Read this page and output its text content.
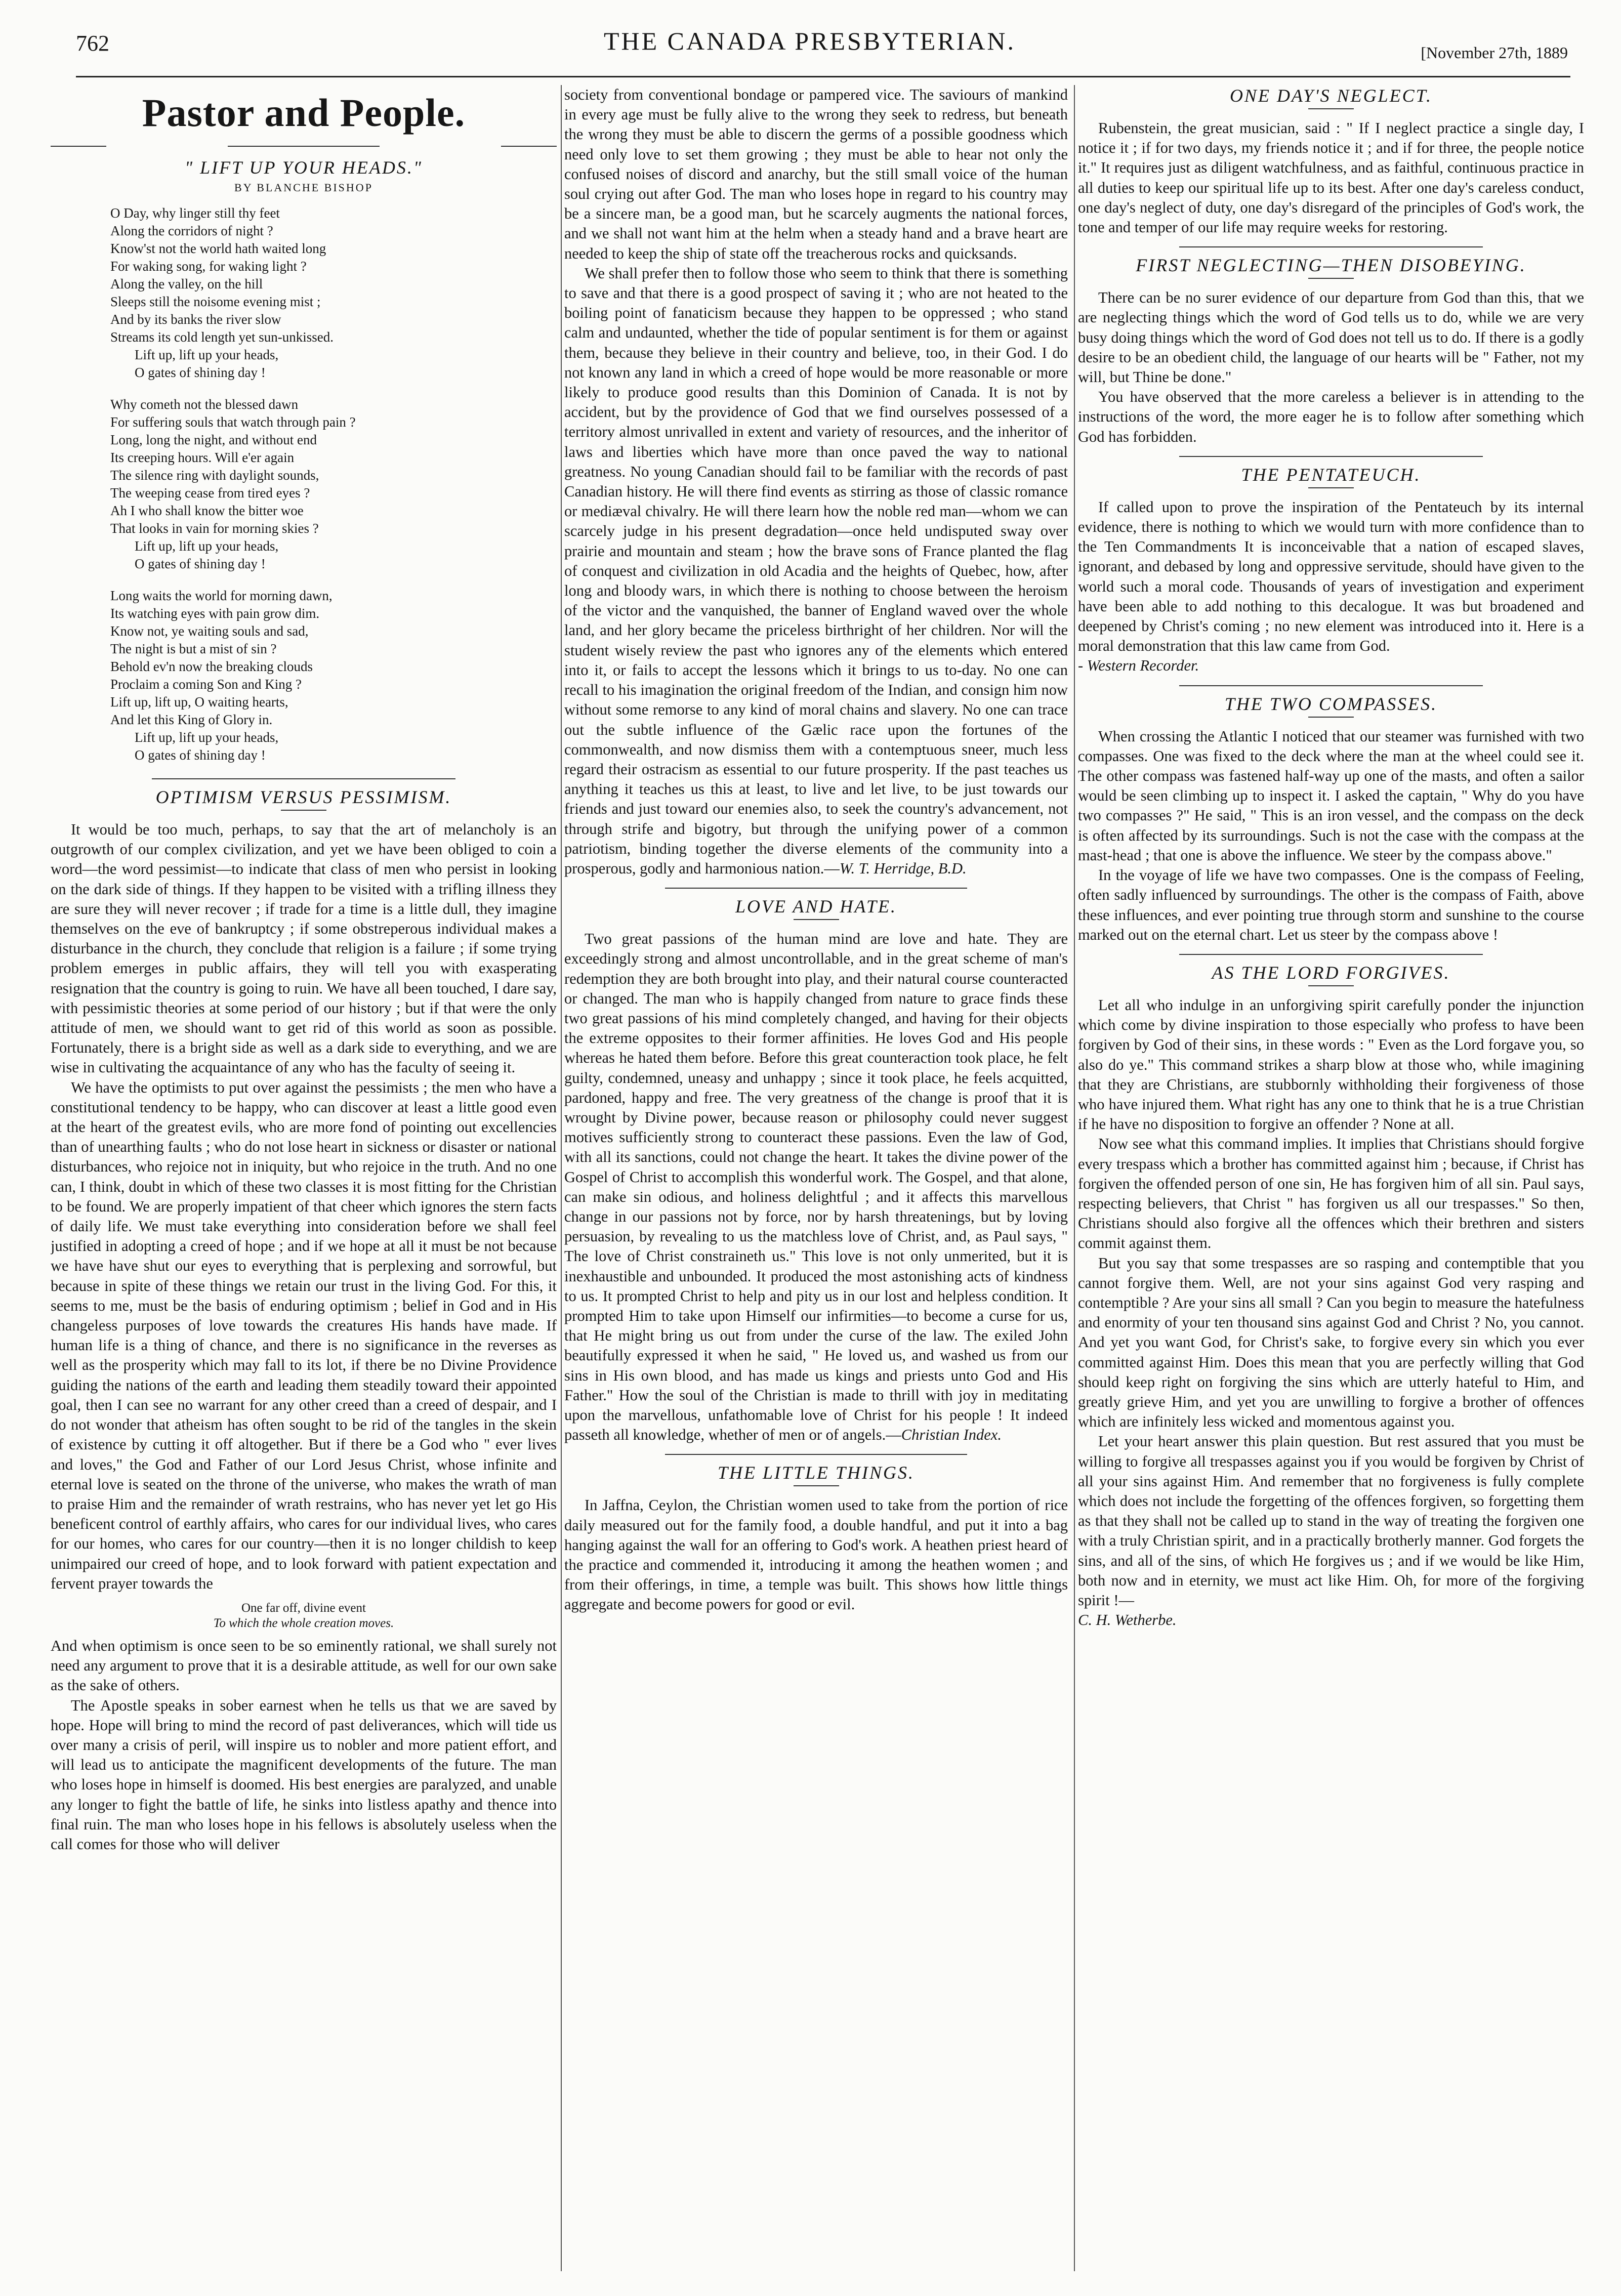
762	THE CANADA PRESBYTERIAN.	[November 27th, 1889
Pastor and People.
" LIFT UP YOUR HEADS."
BY BLANCHE BISHOP
O Day, why linger still thy feet
Along the corridors of night ?
Know'st not the world hath waited long
For waking song, for waking light ?
Along the valley, on the hill
Sleeps still the noisome evening mist ;
And by its banks the river slow
Streams its cold length yet sun-unkissed.
Lift up, lift up your heads,
O gates of shining day !
Why cometh not the blessed dawn
For suffering souls that watch through pain ?
Long, long the night, and without end
Its creeping hours. Will e'er again
The silence ring with daylight sounds,
The weeping cease from tired eyes ?
Ah I who shall know the bitter woe
That looks in vain for morning skies ?
Lift up, lift up your heads,
O gates of shining day !
Long waits the world for morning dawn,
Its watching eyes with pain grow dim.
Know not, ye waiting souls and sad,
The night is but a mist of sin ?
Behold ev'n now the breaking clouds
Proclaim a coming Son and King ?
Lift up, lift up, O waiting hearts,
And let this King of Glory in.
Lift up, lift up your heads,
O gates of shining day !
OPTIMISM VERSUS PESSIMISM.

It would be too much, perhaps, to say that the art of melancholy is an outgrowth of our complex civilization, and yet we have been obliged to coin a word—the word pessimist—to indicate that class of men who persist in looking on the dark side of things. If they happen to be visited with a trifling illness they are sure they will never recover ; if trade for a time is a little dull, they imagine themselves on the eve of bankruptcy ; if some obstreperous individual makes a disturbance in the church, they conclude that religion is a failure ; if some trying problem emerges in public affairs, they will tell you with exasperating resignation that the country is going to ruin. We have all been touched, I dare say, with pessimistic theories at some period of our history ; but if that were the only attitude of men, we should want to get rid of this world as soon as possible. Fortunately, there is a bright side as well as a dark side to everything, and we are wise in cultivating the acquaintance of any who has the faculty of seeing it.

We have the optimists to put over against the pessimists ; the men who have a constitutional tendency to be happy, who can discover at least a little good even at the heart of the greatest evils, who are more fond of pointing out excellencies than of unearthing faults ; who do not lose heart in sickness or disaster or national disturbances, who rejoice not in iniquity, but who rejoice in the truth. And no one can, I think, doubt in which of these two classes it is most fitting for the Christian to be found. We are properly impatient of that cheer which ignores the stern facts of daily life. We must take everything into consideration before we shall feel justified in adopting a creed of hope ; and if we hope at all it must be not because we have have shut our eyes to everything that is perplexing and sorrowful, but because in spite of these things we retain our trust in the living God. For this, it seems to me, must be the basis of enduring optimism ; belief in God and in His changeless purposes of love towards the creatures His hands have made. If human life is a thing of chance, and there is no significance in the reverses as well as the prosperity which may fall to its lot, if there be no Divine Providence guiding the nations of the earth and leading them steadily toward their appointed goal, then I can see no warrant for any other creed than a creed of despair, and I do not wonder that atheism has often sought to be rid of the tangles in the skein of existence by cutting it off altogether. But if there be a God who " ever lives and loves," the God and Father of our Lord Jesus Christ, whose infinite and eternal love is seated on the throne of the universe, who makes the wrath of man to praise Him and the remainder of wrath restrains, who has never yet let go His beneficent control of earthly affairs, who cares for our individual lives, who cares for our homes, who cares for our country—then it is no longer childish to keep unimpaired our creed of hope, and to look forward with patient expectation and fervent prayer towards the

One far off, divine event
To which the whole creation moves.

And when optimism is once seen to be so eminently rational, we shall surely not need any argument to prove that it is a desirable attitude, as well for our own sake as the sake of others.

The Apostle speaks in sober earnest when he tells us that we are saved by hope. Hope will bring to mind the record of past deliverances, which will tide us over many a crisis of peril, will inspire us to nobler and more patient effort, and will lead us to anticipate the magnificent developments of the future. The man who loses hope in himself is doomed. His best energies are paralyzed, and unable any longer to fight the battle of life, he sinks into listless apathy and thence into final ruin. The man who loses hope in his fellows is absolutely useless when the call comes for those who will deliver

society from conventional bondage or pampered vice. The saviours of mankind in every age must be fully alive to the wrong they seek to redress, but beneath the wrong they must be able to discern the germs of a possible goodness which need only love to set them growing ; they must be able to hear not only the confused noises of discord and anarchy, but the still small voice of the human soul crying out after God. The man who loses hope in regard to his country may be a sincere man, be a good man, but he scarcely augments the national forces, and we shall not want him at the helm when a steady hand and a brave heart are needed to keep the ship of state off the treacherous rocks and quicksands.

We shall prefer then to follow those who seem to think that there is something to save and that there is a good prospect of saving it ; who are not heated to the boiling point of fanaticism because they happen to be oppressed ; who stand calm and undaunted, whether the tide of popular sentiment is for them or against them, because they believe in their country and believe, too, in their God. I do not known any land in which a creed of hope would be more reasonable or more likely to produce good results than this Dominion of Canada. It is not by accident, but by the providence of God that we find ourselves possessed of a territory almost unrivalled in extent and variety of resources, and the inheritor of laws and liberties which have more than once paved the way to national greatness. No young Canadian should fail to be familiar with the records of past Canadian history. He will there find events as stirring as those of classic romance or mediæval chivalry. He will there learn how the noble red man—whom we can scarcely judge in his present degradation—once held undisputed sway over prairie and mountain and steam ; how the brave sons of France planted the flag of conquest and civilization in old Acadia and the heights of Quebec, how, after long and bloody wars, in which there is nothing to choose between the heroism of the victor and the vanquished, the banner of England waved over the whole land, and her glory became the priceless birthright of her children. Nor will the student wisely review the past who ignores any of the elements which entered into it, or fails to accept the lessons which it brings to us to-day. No one can recall to his imagination the original freedom of the Indian, and consign him now without some remorse to any kind of moral chains and slavery. No one can trace out the subtle influence of the Gælic race upon the fortunes of the commonwealth, and now dismiss them with a contemptuous sneer, much less regard their ostracism as essential to our future prosperity. If the past teaches us anything it teaches us this at least, to live and let live, to be just towards our friends and just toward our enemies also, to seek the country's advancement, not through strife and bigotry, but through the unifying power of a common patriotism, binding together the diverse elements of the community into a prosperous, godly and harmonious nation.—W. T. Herridge, B.D.

LOVE AND HATE.

Two great passions of the human mind are love and hate. They are exceedingly strong and almost uncontrollable, and in the great scheme of man's redemption they are both brought into play, and their natural course counteracted or changed. The man who is happily changed from nature to grace finds these two great passions of his mind completely changed, and having for their objects the extreme opposites to their former affinities. He loves God and His people whereas he hated them before. Before this great counteraction took place, he felt guilty, condemned, uneasy and unhappy ; since it took place, he feels acquitted, pardoned, happy and free. The very greatness of the change is proof that it is wrought by Divine power, because reason or philosophy could never suggest motives sufficiently strong to counteract these passions. Even the law of God, with all its sanctions, could not change the heart. It takes the divine power of the Gospel of Christ to accomplish this wonderful work. The Gospel, and that alone, can make sin odious, and holiness delightful ; and it affects this marvellous change in our passions not by force, nor by harsh threatenings, but by loving persuasion, by revealing to us the matchless love of Christ, and, as Paul says, " The love of Christ constraineth us." This love is not only unmerited, but it is inexhaustible and unbounded. It produced the most astonishing acts of kindness to us. It prompted Christ to help and pity us in our lost and helpless condition. It prompted Him to take upon Himself our infirmities—to become a curse for us, that He might bring us out from under the curse of the law. The exiled John beautifully expressed it when he said, " He loved us, and washed us from our sins in His own blood, and has made us kings and priests unto God and His Father." How the soul of the Christian is made to thrill with joy in meditating upon the marvellous, unfathomable love of Christ for his people ! It indeed passeth all knowledge, whether of men or of angels.—Christian Index.

THE LITTLE THINGS.

In Jaffna, Ceylon, the Christian women used to take from the portion of rice daily measured out for the family food, a double handful, and put it into a bag hanging against the wall for an offering to God's work. A heathen priest heard of the practice and commended it, introducing it among the heathen women ; and from their offerings, in time, a temple was built. This shows how little things aggregate and become powers for good or evil.

ONE DAY'S NEGLECT.

Rubenstein, the great musician, said : " If I neglect practice a single day, I notice it ; if for two days, my friends notice it ; and if for three, the people notice it." It requires just as diligent watchfulness, and as faithful, continuous practice in all duties to keep our spiritual life up to its best. After one day's careless conduct, one day's neglect of duty, one day's disregard of the principles of God's work, the tone and temper of our life may require weeks for restoring.

FIRST NEGLECTING—THEN DISOBEYING.

There can be no surer evidence of our departure from God than this, that we are neglecting things which the word of God tells us to do, while we are very busy doing things which the word of God does not tell us to do. If there is a godly desire to be an obedient child, the language of our hearts will be " Father, not my will, but Thine be done."

You have observed that the more careless a believer is in attending to the instructions of the word, the more eager he is to follow after something which God has forbidden.

THE PENTATEUCH.

If called upon to prove the inspiration of the Pentateuch by its internal evidence, there is nothing to which we would turn with more confidence than to the Ten Commandments It is inconceivable that a nation of escaped slaves, ignorant, and debased by long and oppressive servitude, should have given to the world such a moral code. Thousands of years of investigation and experiment have been able to add nothing to this decalogue. It was but broadened and deepened by Christ's coming ; no new element was introduced into it. Here is a moral demonstration that this law came from God.

- Western Recorder.

THE TWO COMPASSES.

When crossing the Atlantic I noticed that our steamer was furnished with two compasses. One was fixed to the deck where the man at the wheel could see it. The other compass was fastened half-way up one of the masts, and often a sailor would be seen climbing up to inspect it. I asked the captain, " Why do you have two compasses ?" He said, " This is an iron vessel, and the compass on the deck is often affected by its surroundings. Such is not the case with the compass at the mast-head ; that one is above the influence. We steer by the compass above."

In the voyage of life we have two compasses. One is the compass of Feeling, often sadly influenced by surroundings. The other is the compass of Faith, above these influences, and ever pointing true through storm and sunshine to the course marked out on the eternal chart. Let us steer by the compass above !

AS THE LORD FORGIVES.

Let all who indulge in an unforgiving spirit carefully ponder the injunction which come by divine inspiration to those especially who profess to have been forgiven by God of their sins, in these words : " Even as the Lord forgave you, so also do ye." This command strikes a sharp blow at those who, while imagining that they are Christians, are stubbornly withholding their forgiveness of those who have injured them. What right has any one to think that he is a true Christian if he have no disposition to forgive an offender ? None at all.

Now see what this command implies. It implies that Christians should forgive every trespass which a brother has committed against him ; because, if Christ has forgiven the offended person of one sin, He has forgiven him of all sin. Paul says, respecting believers, that Christ " has forgiven us all our trespasses." So then, Christians should also forgive all the offences which their brethren and sisters commit against them.

But you say that some trespasses are so rasping and contemptible that you cannot forgive them. Well, are not your sins against God very rasping and contemptible ? Are your sins all small ? Can you begin to measure the hatefulness and enormity of your ten thousand sins against God and Christ ? No, you cannot. And yet you want God, for Christ's sake, to forgive every sin which you ever committed against Him. Does this mean that you are perfectly willing that God should keep right on forgiving the sins which are utterly hateful to Him, and greatly grieve Him, and yet you are unwilling to forgive a brother of offences which are infinitely less wicked and momentous against you.

Let your heart answer this plain question. But rest assured that you must be willing to forgive all trespasses against you if you would be forgiven by Christ of all your sins against Him. And remember that no forgiveness is fully complete which does not include the forgetting of the offences forgiven, so forgetting them as that they shall not be called up to stand in the way of treating the forgiven one with a truly Christian spirit, and in a practically brotherly manner. God forgets the sins, and all of the sins, of which He forgives us ; and if we would be like Him, both now and in eternity, we must act like Him. Oh, for more of the forgiving spirit !—

C. H. Wetherbe.
